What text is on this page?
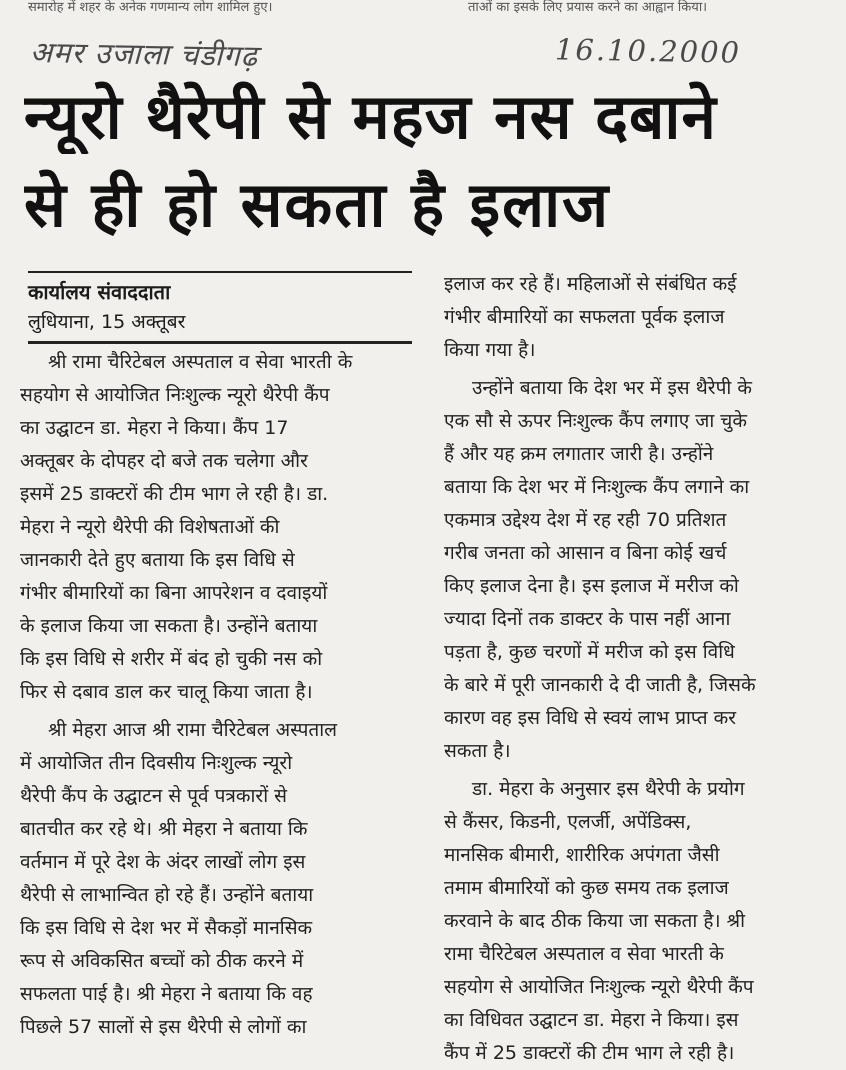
समारोह में शहर के अनेक गणमान्य लोग शामिल हुए।	ताओं का इसके लिए प्रयास करने का आह्वान किया।
अमर उजाला चंडीगढ़	16.10.2000
न्यूरो थैरेपी से महज नस दबाने
से ही हो सकता है इलाज
कार्यालय संवाददाता
लुधियाना, 15 अक्तूबर
श्री रामा चैरिटेबल अस्पताल व सेवा भारती के
सहयोग से आयोजित निःशुल्क न्यूरो थैरेपी कैंप
का उद्घाटन डा. मेहरा ने किया। कैंप 17
अक्तूबर के दोपहर दो बजे तक चलेगा और
इसमें 25 डाक्टरों की टीम भाग ले रही है। डा.
मेहरा ने न्यूरो थैरेपी की विशेषताओं की
जानकारी देते हुए बताया कि इस विधि से
गंभीर बीमारियों का बिना आपरेशन व दवाइयों
के इलाज किया जा सकता है। उन्होंने बताया
कि इस विधि से शरीर में बंद हो चुकी नस को
फिर से दबाव डाल कर चालू किया जाता है।
श्री मेहरा आज श्री रामा चैरिटेबल अस्पताल
में आयोजित तीन दिवसीय निःशुल्क न्यूरो
थैरेपी कैंप के उद्घाटन से पूर्व पत्रकारों से
बातचीत कर रहे थे। श्री मेहरा ने बताया कि
वर्तमान में पूरे देश के अंदर लाखों लोग इस
थैरेपी से लाभान्वित हो रहे हैं। उन्होंने बताया
कि इस विधि से देश भर में सैकड़ों मानसिक
रूप से अविकसित बच्चों को ठीक करने में
सफलता पाई है। श्री मेहरा ने बताया कि वह
पिछले 57 सालों से इस थैरेपी से लोगों का
इलाज कर रहे हैं। महिलाओं से संबंधित कई
गंभीर बीमारियों का सफलता पूर्वक इलाज
किया गया है।
उन्होंने बताया कि देश भर में इस थैरेपी के
एक सौ से ऊपर निःशुल्क कैंप लगाए जा चुके
हैं और यह क्रम लगातार जारी है। उन्होंने
बताया कि देश भर में निःशुल्क कैंप लगाने का
एकमात्र उद्देश्य देश में रह रही 70 प्रतिशत
गरीब जनता को आसान व बिना कोई खर्च
किए इलाज देना है। इस इलाज में मरीज को
ज्यादा दिनों तक डाक्टर के पास नहीं आना
पड़ता है, कुछ चरणों में मरीज को इस विधि
के बारे में पूरी जानकारी दे दी जाती है, जिसके
कारण वह इस विधि से स्वयं लाभ प्राप्त कर
सकता है।
डा. मेहरा के अनुसार इस थैरेपी के प्रयोग
से कैंसर, किडनी, एलर्जी, अपेंडिक्स,
मानसिक बीमारी, शारीरिक अपंगता जैसी
तमाम बीमारियों को कुछ समय तक इलाज
करवाने के बाद ठीक किया जा सकता है। श्री
रामा चैरिटेबल अस्पताल व सेवा भारती के
सहयोग से आयोजित निःशुल्क न्यूरो थैरेपी कैंप
का विधिवत उद्घाटन डा. मेहरा ने किया। इस
कैंप में 25 डाक्टरों की टीम भाग ले रही है।
